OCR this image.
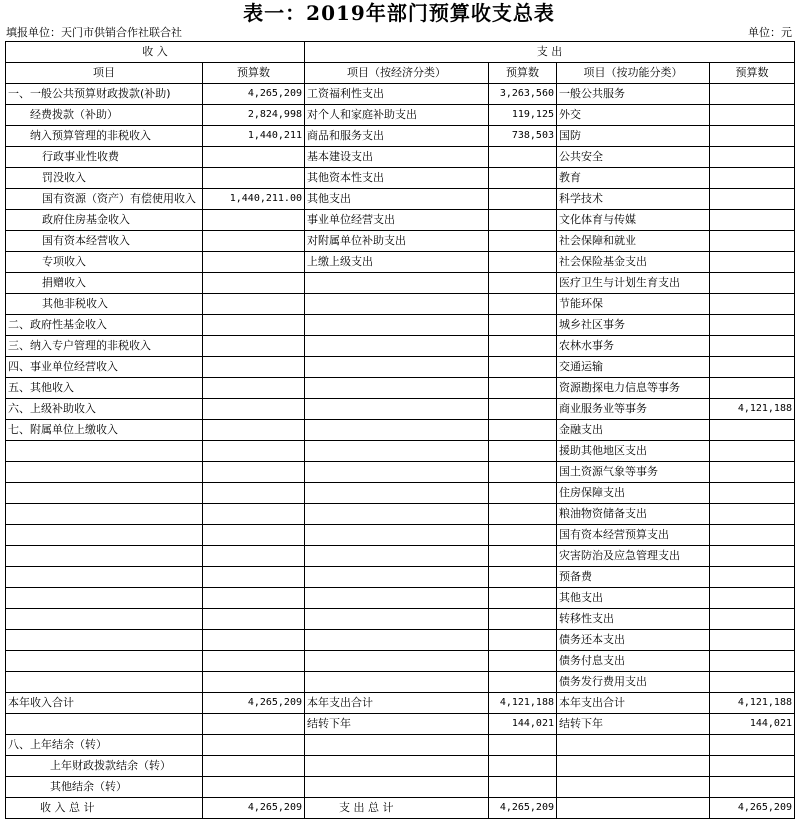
表一：2019年部门预算收支总表
填报单位：天门市供销合作社联合社	单位：元
收 入		支 出			
项目	预算数	项目（按经济分类）	预算数	项目（按功能分类）	预算数
一、一般公共预算财政拨款(补助)	4,265,209	工资福利性支出	3,263,560	一般公共服务	
经费拨款（补助）	2,824,998	对个人和家庭补助支出	119,125	外交	
纳入预算管理的非税收入	1,440,211	商品和服务支出	738,503	国防	
行政事业性收费		基本建设支出		公共安全	
罚没收入		其他资本性支出		教育	
国有资源（资产）有偿使用收入	1,440,211.00	其他支出		科学技术	
政府住房基金收入		事业单位经营支出		文化体育与传媒	
国有资本经营收入		对附属单位补助支出		社会保障和就业	
专项收入		上缴上级支出		社会保险基金支出	
捐赠收入				医疗卫生与计划生育支出	
其他非税收入				节能环保	
二、政府性基金收入				城乡社区事务	
三、纳入专户管理的非税收入				农林水事务	
四、事业单位经营收入				交通运输	
五、其他收入				资源勘探电力信息等事务	
六、上级补助收入				商业服务业等事务	4,121,188
七、附属单位上缴收入				金融支出	
				援助其他地区支出	
				国土资源气象等事务	
				住房保障支出	
				粮油物资储备支出	
				国有资本经营预算支出	
				灾害防治及应急管理支出	
				预备费	
				其他支出	
				转移性支出	
				债务还本支出	
				债务付息支出	
				债务发行费用支出	
本年收入合计	4,265,209	本年支出合计	4,121,188	本年支出合计	4,121,188
		结转下年	144,021	结转下年	144,021
八、上年结余（转）					
上年财政拨款结余（转）					
其他结余（转）					
收 入 总 计	4,265,209	支 出 总 计	4,265,209		4,265,209
